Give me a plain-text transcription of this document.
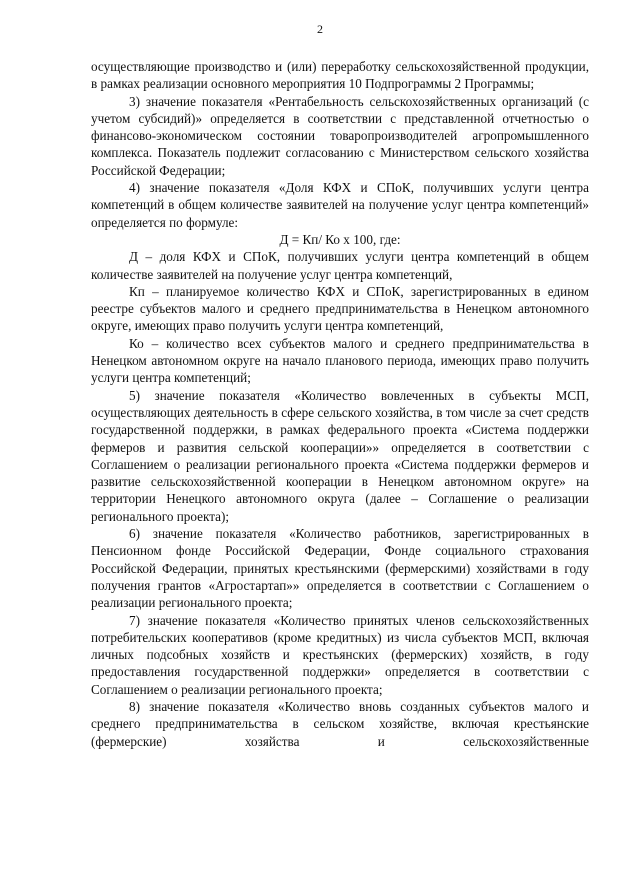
2

осуществляющие производство и (или) переработку сельскохозяйственной продукции, в рамках реализации основного мероприятия 10 Подпрограммы 2 Программы;

3) значение показателя «Рентабельность сельскохозяйственных организаций (с учетом субсидий)» определяется в соответствии с представленной отчетностью о финансово-экономическом состоянии товаропроизводителей агропромышленного комплекса. Показатель подлежит согласованию с Министерством сельского хозяйства Российской Федерации;

4) значение показателя «Доля КФХ и СПоК, получивших услуги центра компетенций в общем количестве заявителей на получение услуг центра компетенций» определяется по формуле:

Д = Кп/ Ко х 100, где:

Д – доля КФХ и СПоК, получивших услуги центра компетенций в общем количестве заявителей на получение услуг центра компетенций,

Кп – планируемое количество КФХ и СПоК, зарегистрированных в едином реестре субъектов малого и среднего предпринимательства в Ненецком автономного округе, имеющих право получить услуги центра компетенций,

Ко – количество всех субъектов малого и среднего предпринимательства в Ненецком автономном округе на начало планового периода, имеющих право получить услуги центра компетенций;

5) значение показателя «Количество вовлеченных в субъекты МСП, осуществляющих деятельность в сфере сельского хозяйства, в том числе за счет средств государственной поддержки, в рамках федерального проекта «Система поддержки фермеров и развития сельской кооперации»» определяется в соответствии с Соглашением о реализации регионального проекта «Система поддержки фермеров и развитие сельскохозяйственной кооперации в Ненецком автономном округе» на территории Ненецкого автономного округа (далее – Соглашение о реализации регионального проекта);

6) значение показателя «Количество работников, зарегистрированных в Пенсионном фонде Российской Федерации, Фонде социального страхования Российской Федерации, принятых крестьянскими (фермерскими) хозяйствами в году получения грантов «Агростартап»» определяется в соответствии с Соглашением о реализации регионального проекта;

7) значение показателя «Количество принятых членов сельскохозяйственных потребительских кооперативов (кроме кредитных) из числа субъектов МСП, включая личных подсобных хозяйств и крестьянских (фермерских) хозяйств, в году предоставления государственной поддержки» определяется в соответствии с Соглашением о реализации регионального проекта;

8) значение показателя «Количество вновь созданных субъектов малого и среднего предпринимательства в сельском хозяйстве, включая крестьянские (фермерские) хозяйства и сельскохозяйственные
